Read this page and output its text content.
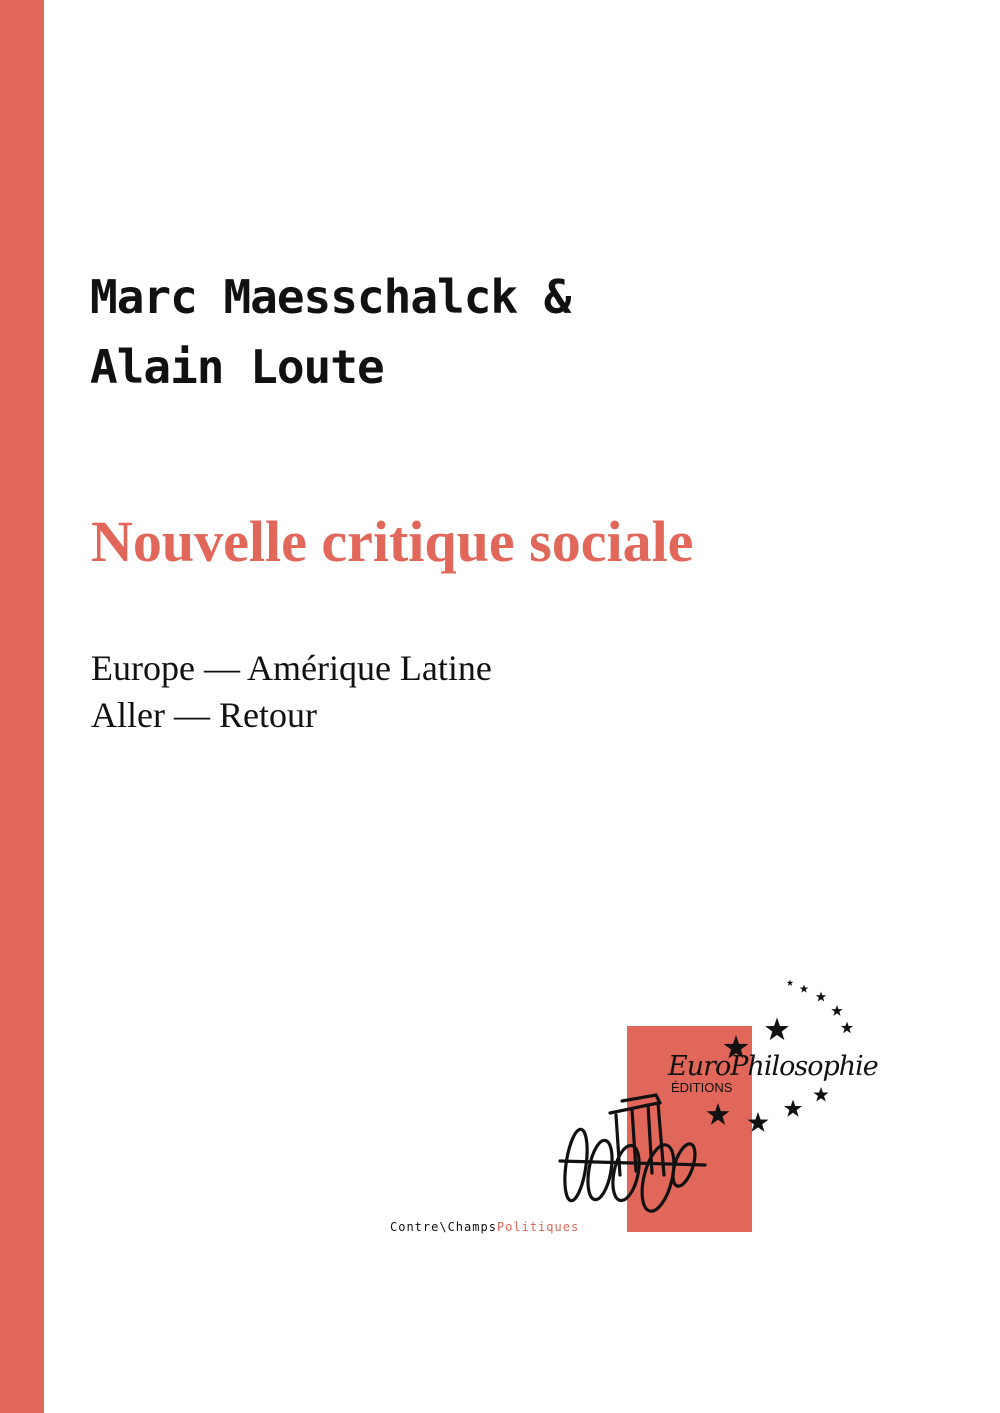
Marc Maesschalck &
Alain Loute
Nouvelle critique sociale
Europe — Amérique Latine
Aller — Retour
EuroPhilosophie
ÉDITIONS
Contre\ChampsPolitiques
